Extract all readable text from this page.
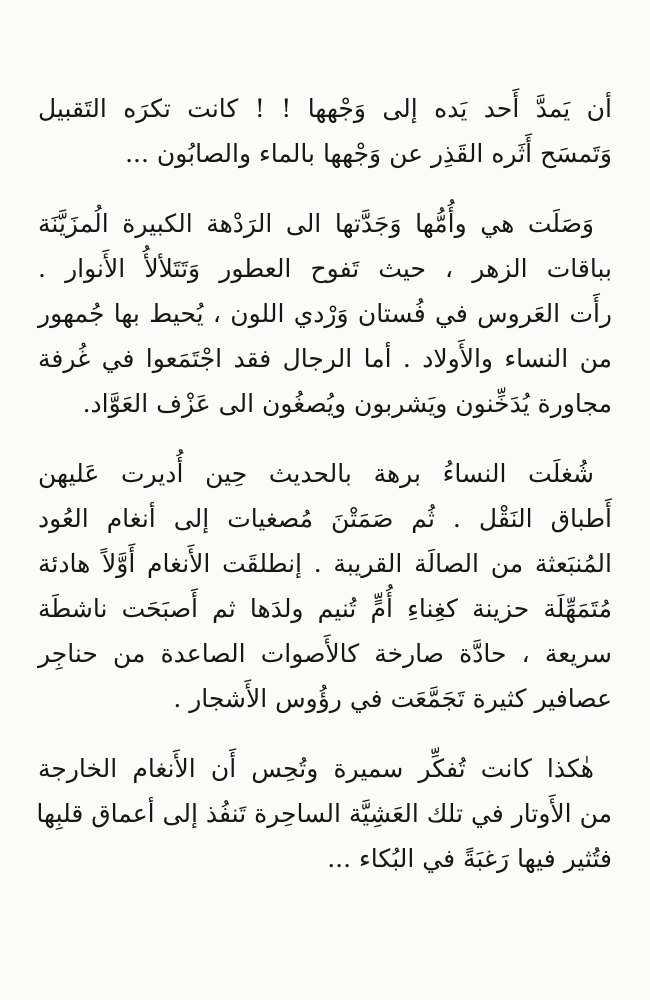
أن يَمدَّ أَحد يَده إلى وَجْهها ! ! كانت تكرَه التَقبيل
وَتَمسَح أَثَره القَذِر عن وَجْهها بالماء والصابُون ...
وَصَلَت هي وأُمُّها وَجَدَّتها الى الرَدْهة الكبيرة الُمزَيَّنَة
بباقات الزهر ، حيث تَفوح العطور وَتَتَلألأُ الأَنوار .
رأَت العَروس في فُستان وَرْدي اللون ، يُحيط بها جُمهور
من النساء والأَولاد . أما الرجال فقد اجْتَمَعوا في غُرفة
مجاورة يُدَخِّنون ويَشربون ويُصغُون الى عَزْف العَوَّاد.
شُغلَت النساءُ برهة بالحديث حِين أُديرت عَليهن
أَطباق النَقْل . ثُم صَمَتْنَ مُصغيات إلى أنغام العُود
المُنبَعثة من الصالَة القريبة . إنطلقَت الأَنغام أَوَّلاً هادئة
مُتَمَهِّلَة حزينة كغِناءِ أُمٍّ تُنيم ولدَها ثم أَصبَحَت ناشطَة
سريعة ، حادَّة صارخة كالأَصوات الصاعدة من حناجِر
عصافير كثيرة تَجَمَّعَت في رؤُوس الأَشجار .
هٰكذا كانت تُفكِّر سميرة وتُحِس أَن الأَنغام الخارجة
من الأَوتار في تلك العَشِيَّة الساحِرة تَنفُذ إلى أعماق قلبِها
فتُثير فيها رَغبَةً في البُكاء ...
